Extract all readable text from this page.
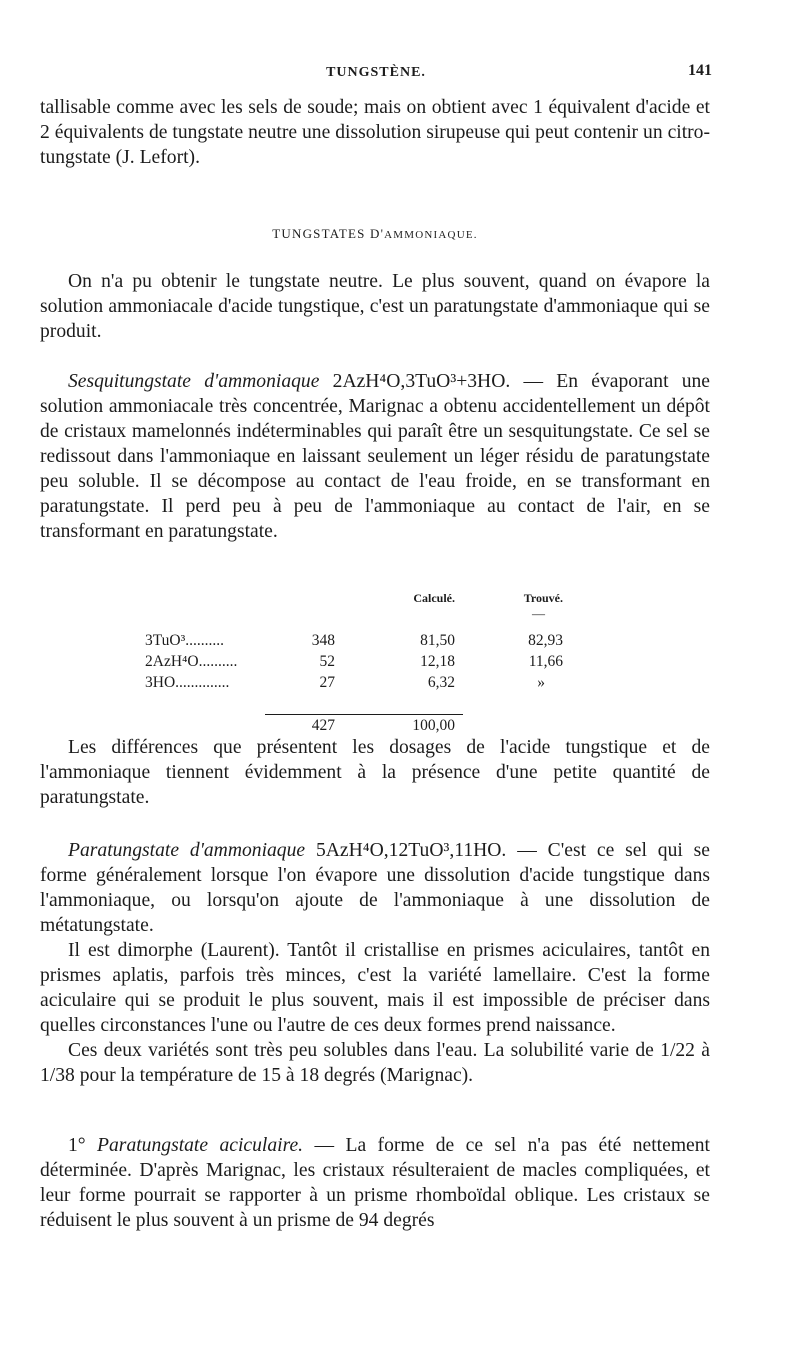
TUNGSTÈNE.	141

tallisable comme avec les sels de soude; mais on obtient avec 1 équivalent d'acide et 2 équivalents de tungstate neutre une dissolution sirupeuse qui peut contenir un citro-tungstate (J. Lefort).

TUNGSTATES D'AMMONIAQUE.

On n'a pu obtenir le tungstate neutre. Le plus souvent, quand on évapore la solution ammoniacale d'acide tungstique, c'est un paratungstate d'ammoniaque qui se produit.

Sesquitungstate d'ammoniaque 2AzH⁴O,3TuO³+3HO. — En évaporant une solution ammoniacale très concentrée, Marignac a obtenu accidentellement un dépôt de cristaux mamelonnés indéterminables qui paraît être un sesquitungstate. Ce sel se redissout dans l'ammoniaque en laissant seulement un léger résidu de paratungstate peu soluble. Il se décompose au contact de l'eau froide, en se transformant en paratungstate. Il perd peu à peu de l'ammoniaque au contact de l'air, en se transformant en paratungstate.

		Calculé.	Trouvé.
			—
3TuO³..........	348	81,50	82,93
2AzH⁴O..........	52	12,18	11,66
3HO..............	27	6,32	»

	427	100,00	

Les différences que présentent les dosages de l'acide tungstique et de l'ammoniaque tiennent évidemment à la présence d'une petite quantité de paratungstate.

Paratungstate d'ammoniaque 5AzH⁴O,12TuO³,11HO. — C'est ce sel qui se forme généralement lorsque l'on évapore une dissolution d'acide tungstique dans l'ammoniaque, ou lorsqu'on ajoute de l'ammoniaque à une dissolution de métatungstate.

Il est dimorphe (Laurent). Tantôt il cristallise en prismes aciculaires, tantôt en prismes aplatis, parfois très minces, c'est la variété lamellaire. C'est la forme aciculaire qui se produit le plus souvent, mais il est impossible de préciser dans quelles circonstances l'une ou l'autre de ces deux formes prend naissance.

Ces deux variétés sont très peu solubles dans l'eau. La solubilité varie de 1/22 à 1/38 pour la température de 15 à 18 degrés (Marignac).

1° Paratungstate aciculaire. — La forme de ce sel n'a pas été nettement déterminée. D'après Marignac, les cristaux résulteraient de macles compliquées, et leur forme pourrait se rapporter à un prisme rhomboïdal oblique. Les cristaux se réduisent le plus souvent à un prisme de 94 degrés
